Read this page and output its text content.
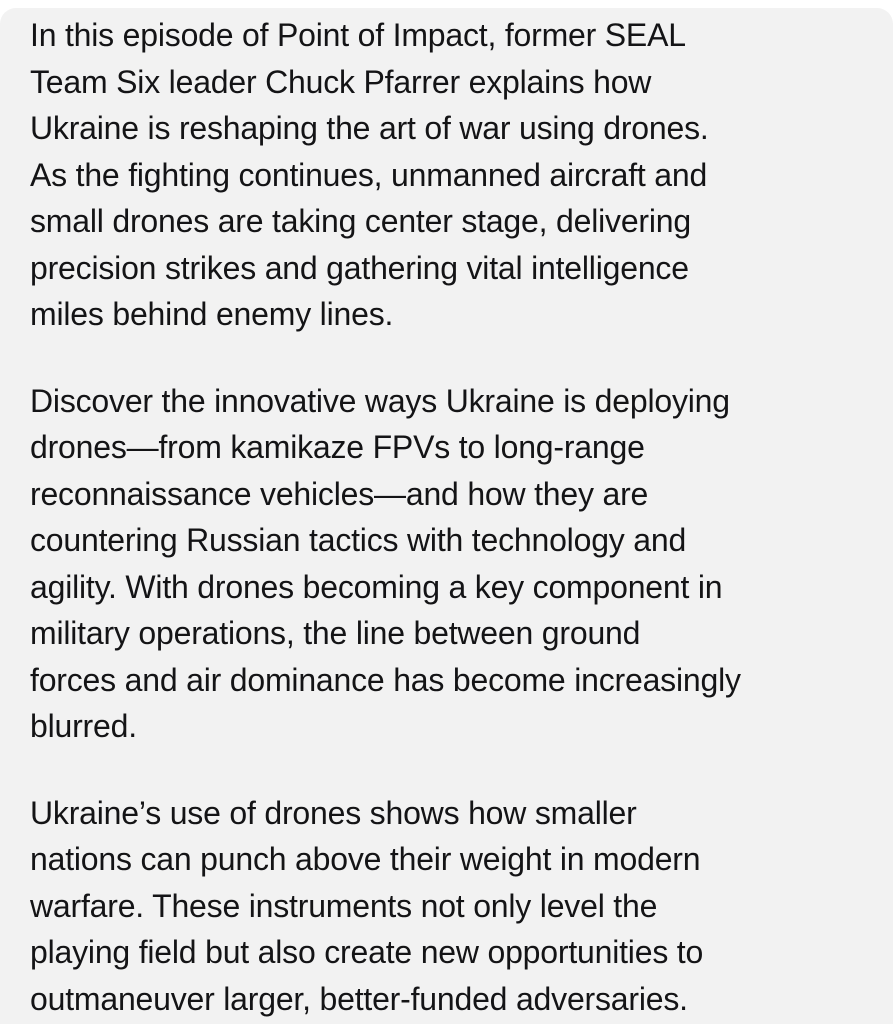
In this episode of Point of Impact, former SEAL
Team Six leader Chuck Pfarrer explains how
Ukraine is reshaping the art of war using drones.
As the fighting continues, unmanned aircraft and
small drones are taking center stage, delivering
precision strikes and gathering vital intelligence
miles behind enemy lines.
Discover the innovative ways Ukraine is deploying
drones—from kamikaze FPVs to long-range
reconnaissance vehicles—and how they are
countering Russian tactics with technology and
agility. With drones becoming a key component in
military operations, the line between ground
forces and air dominance has become increasingly
blurred.
Ukraine’s use of drones shows how smaller
nations can punch above their weight in modern
warfare. These instruments not only level the
playing field but also create new opportunities to
outmaneuver larger, better-funded adversaries.
